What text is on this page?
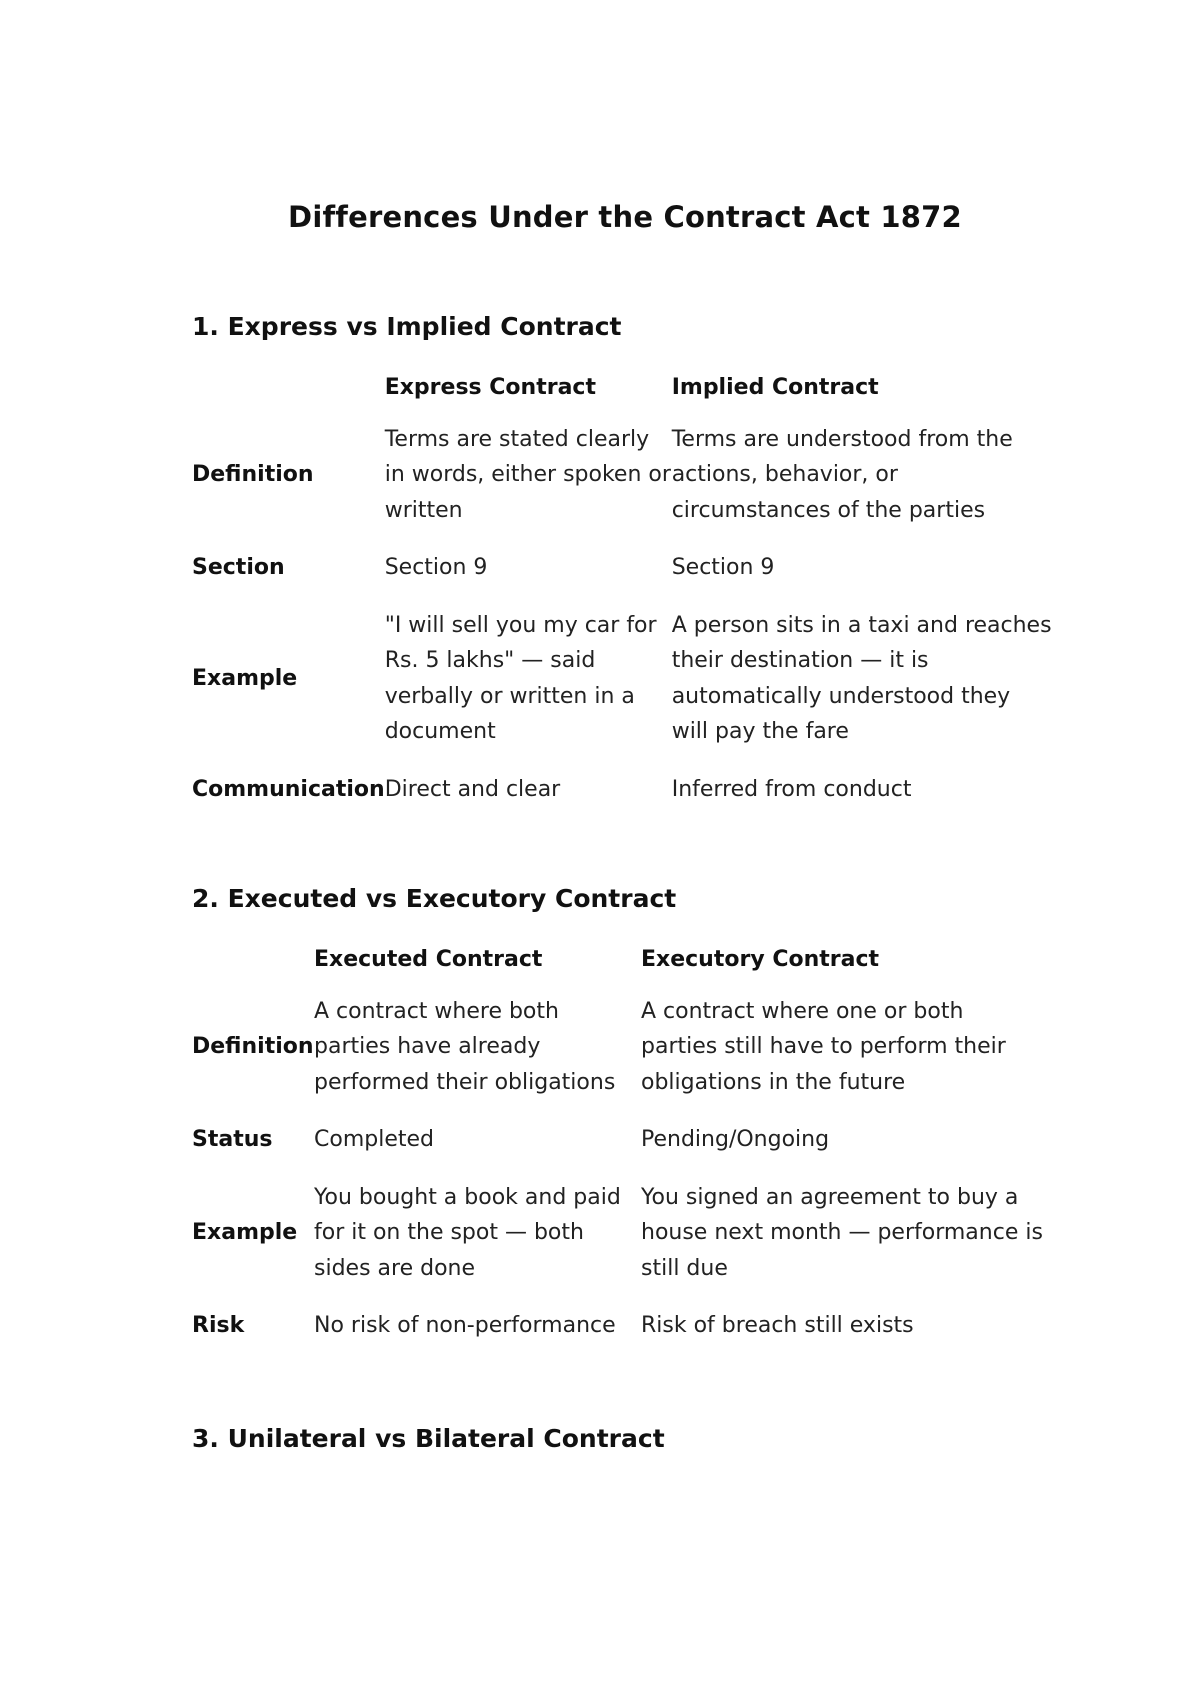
Differences Under the Contract Act 1872
1. Express vs Implied Contract
	Express Contract	Implied Contract
Definition	Terms are stated clearly in words, either spoken or written	Terms are understood from the actions, behavior, or circumstances of the parties
Section	Section 9	Section 9
Example	"I will sell you my car for Rs. 5 lakhs" — said verbally or written in a document	A person sits in a taxi and reaches their destination — it is automatically understood they will pay the fare
Communication	Direct and clear	Inferred from conduct
2. Executed vs Executory Contract
	Executed Contract	Executory Contract
Definition	A contract where both parties have already performed their obligations	A contract where one or both parties still have to perform their obligations in the future
Status	Completed	Pending/Ongoing
Example	You bought a book and paid for it on the spot — both sides are done	You signed an agreement to buy a house next month — performance is still due
Risk	No risk of non-performance	Risk of breach still exists
3. Unilateral vs Bilateral Contract
